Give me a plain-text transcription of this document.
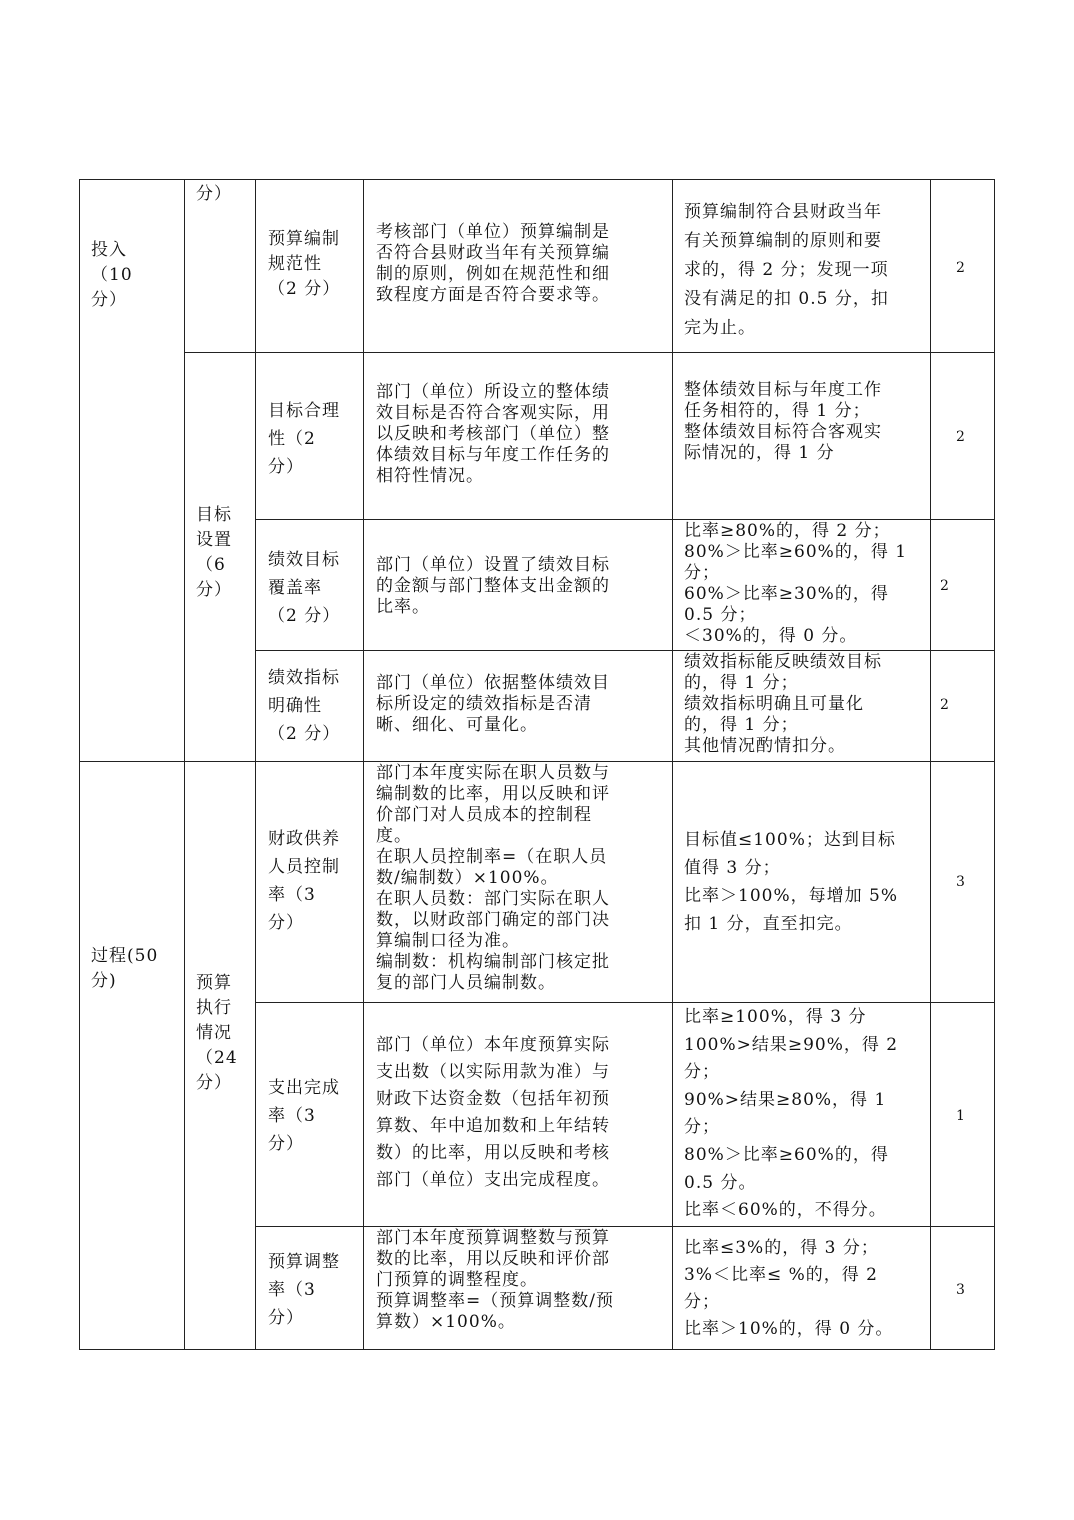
投入
（10
分）
过程(50
分)
分）
目标
设置
（6
分）
预算
执行
情况
（24
分）
预算编制
规范性
（2 分）
考核部门（单位）预算编制是
否符合县财政当年有关预算编
制的原则，例如在规范性和细
致程度方面是否符合要求等。
预算编制符合县财政当年
有关预算编制的原则和要
求的，得 2 分；发现一项
没有满足的扣 0.5 分，扣
完为止。
2
目标合理
性（2
分）
部门（单位）所设立的整体绩
效目标是否符合客观实际，用
以反映和考核部门（单位）整
体绩效目标与年度工作任务的
相符性情况。
整体绩效目标与年度工作
任务相符的，得 1 分；
整体绩效目标符合客观实
际情况的，得 1 分
2
绩效目标
覆盖率
（2 分）
部门（单位）设置了绩效目标
的金额与部门整体支出金额的
比率。
比率≥80%的，得 2 分；
80%＞比率≥60%的，得 1
分；
60%＞比率≥30%的，得
0.5 分；
＜30%的，得 0 分。
2
绩效指标
明确性
（2 分）
部门（单位）依据整体绩效目
标所设定的绩效指标是否清
晰、细化、可量化。
绩效指标能反映绩效目标
的，得 1 分；
绩效指标明确且可量化
的，得 1 分；
其他情况酌情扣分。
2
财政供养
人员控制
率（3
分）
部门本年度实际在职人员数与
编制数的比率，用以反映和评
价部门对人员成本的控制程
度。
在职人员控制率=（在职人员
数/编制数）×100%。
在职人员数：部门实际在职人
数，以财政部门确定的部门决
算编制口径为准。
编制数：机构编制部门核定批
复的部门人员编制数。
目标值≤100%；达到目标
值得 3 分；
比率＞100%，每增加 5%
扣 1 分，直至扣完。
3
支出完成
率（3
分）
部门（单位）本年度预算实际
支出数（以实际用款为准）与
财政下达资金数（包括年初预
算数、年中追加数和上年结转
数）的比率，用以反映和考核
部门（单位）支出完成程度。
比率≥100%，得 3 分
100%>结果≥90%，得 2
分；
90%>结果≥80%，得 1
分；
80%＞比率≥60%的，得
0.5 分。
比率＜60%的，不得分。
1
预算调整
率（3
分）
部门本年度预算调整数与预算
数的比率，用以反映和评价部
门预算的调整程度。
预算调整率=（预算调整数/预
算数）×100%。
比率≤3%的，得 3 分；
3%＜比率≤ %的，得 2
分；
比率＞10%的，得 0 分。
3
